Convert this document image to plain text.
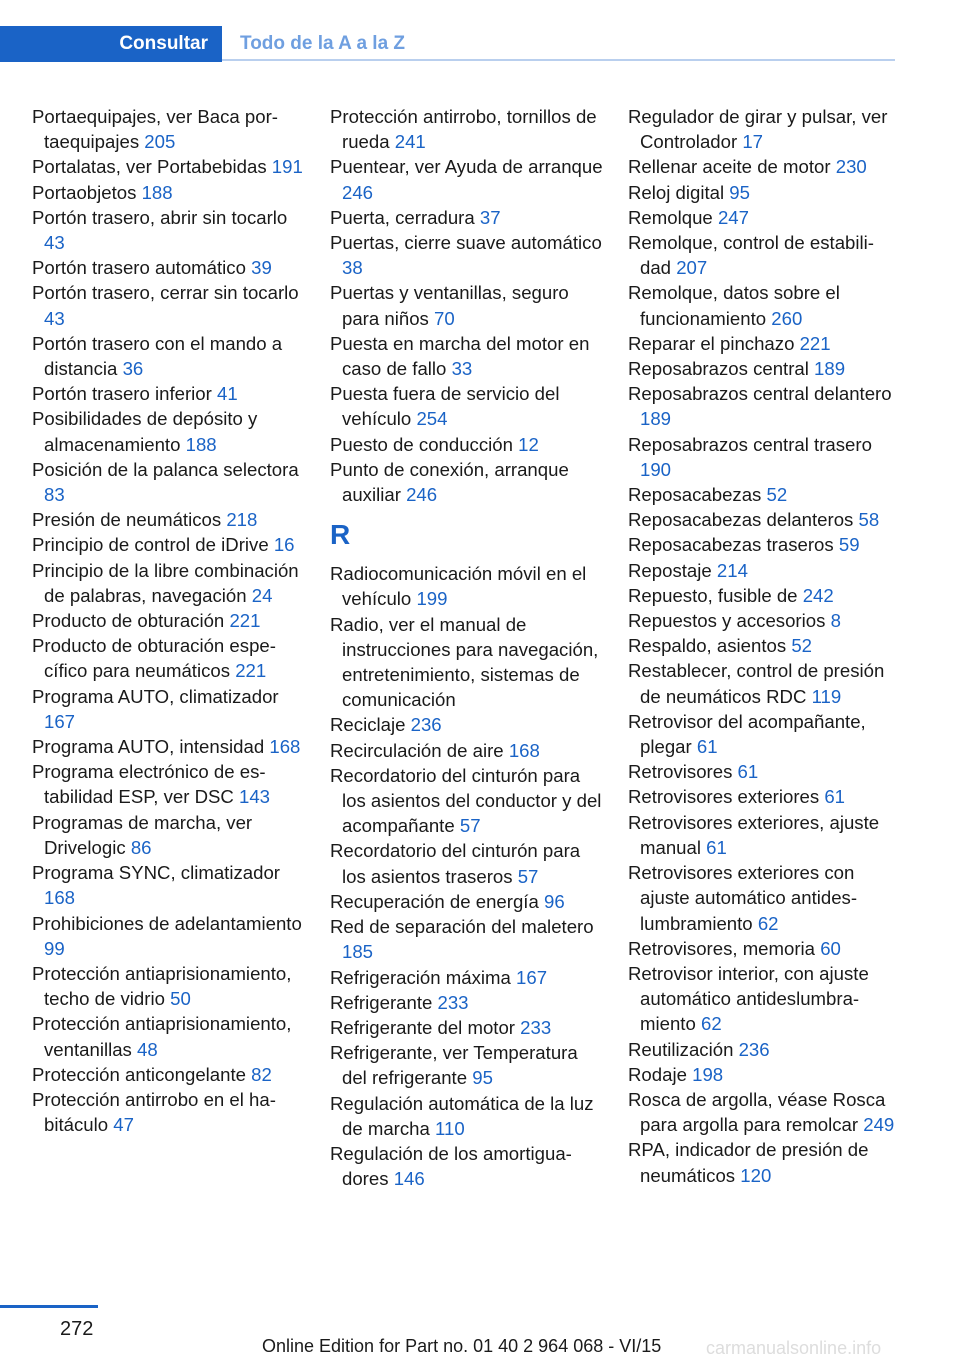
Consultar	Todo de la A a la Z
Portaequipajes, ver Baca portaequipajes 205
Portalatas, ver Portabebidas 191
Portaobjetos 188
Portón trasero, abrir sin tocarlo 43
Portón trasero automático 39
Portón trasero, cerrar sin tocarlo 43
Portón trasero con el mando a distancia 36
Portón trasero inferior 41
Posibilidades de depósito y almacenamiento 188
Posición de la palanca selectora 83
Presión de neumáticos 218
Principio de control de iDrive 16
Principio de la libre combinación de palabras, navegación 24
Producto de obturación 221
Producto de obturación específico para neumáticos 221
Programa AUTO, climatizador 167
Programa AUTO, intensidad 168
Programa electrónico de estabilidad ESP, ver DSC 143
Programas de marcha, ver Drivelogic 86
Programa SYNC, climatizador 168
Prohibiciones de adelantamiento 99
Protección antiaprisionamiento, techo de vidrio 50
Protección antiaprisionamiento, ventanillas 48
Protección anticongelante 82
Protección antirrobo en el habitáculo 47
Protección antirrobo, tornillos de rueda 241
Puentear, ver Ayuda de arranque 246
Puerta, cerradura 37
Puertas, cierre suave automático 38
Puertas y ventanillas, seguro para niños 70
Puesta en marcha del motor en caso de fallo 33
Puesta fuera de servicio del vehículo 254
Puesto de conducción 12
Punto de conexión, arranque auxiliar 246
R
Radiocomunicación móvil en el vehículo 199
Radio, ver el manual de instrucciones para navegación, entretenimiento, sistemas de comunicación
Reciclaje 236
Recirculación de aire 168
Recordatorio del cinturón para los asientos del conductor y del acompañante 57
Recordatorio del cinturón para los asientos traseros 57
Recuperación de energía 96
Red de separación del maletero 185
Refrigeración máxima 167
Refrigerante 233
Refrigerante del motor 233
Refrigerante, ver Temperatura del refrigerante 95
Regulación automática de la luz de marcha 110
Regulación de los amortiguadores 146
Regulador de girar y pulsar, ver Controlador 17
Rellenar aceite de motor 230
Reloj digital 95
Remolque 247
Remolque, control de estabilidad 207
Remolque, datos sobre el funcionamiento 260
Reparar el pinchazo 221
Reposabrazos central 189
Reposabrazos central delantero 189
Reposabrazos central trasero 190
Reposacabezas 52
Reposacabezas delanteros 58
Reposacabezas traseros 59
Repostaje 214
Repuesto, fusible de 242
Repuestos y accesorios 8
Respaldo, asientos 52
Restablecer, control de presión de neumáticos RDC 119
Retrovisor del acompañante, plegar 61
Retrovisores 61
Retrovisores exteriores 61
Retrovisores exteriores, ajuste manual 61
Retrovisores exteriores con ajuste automático antideslumbramiento 62
Retrovisores, memoria 60
Retrovisor interior, con ajuste automático antideslumbramiento 62
Reutilización 236
Rodaje 198
Rosca de argolla, véase Rosca para argolla para remolcar 249
RPA, indicador de presión de neumáticos 120
272
Online Edition for Part no. 01 40 2 964 068 - VI/15 carmanualsonline.info
